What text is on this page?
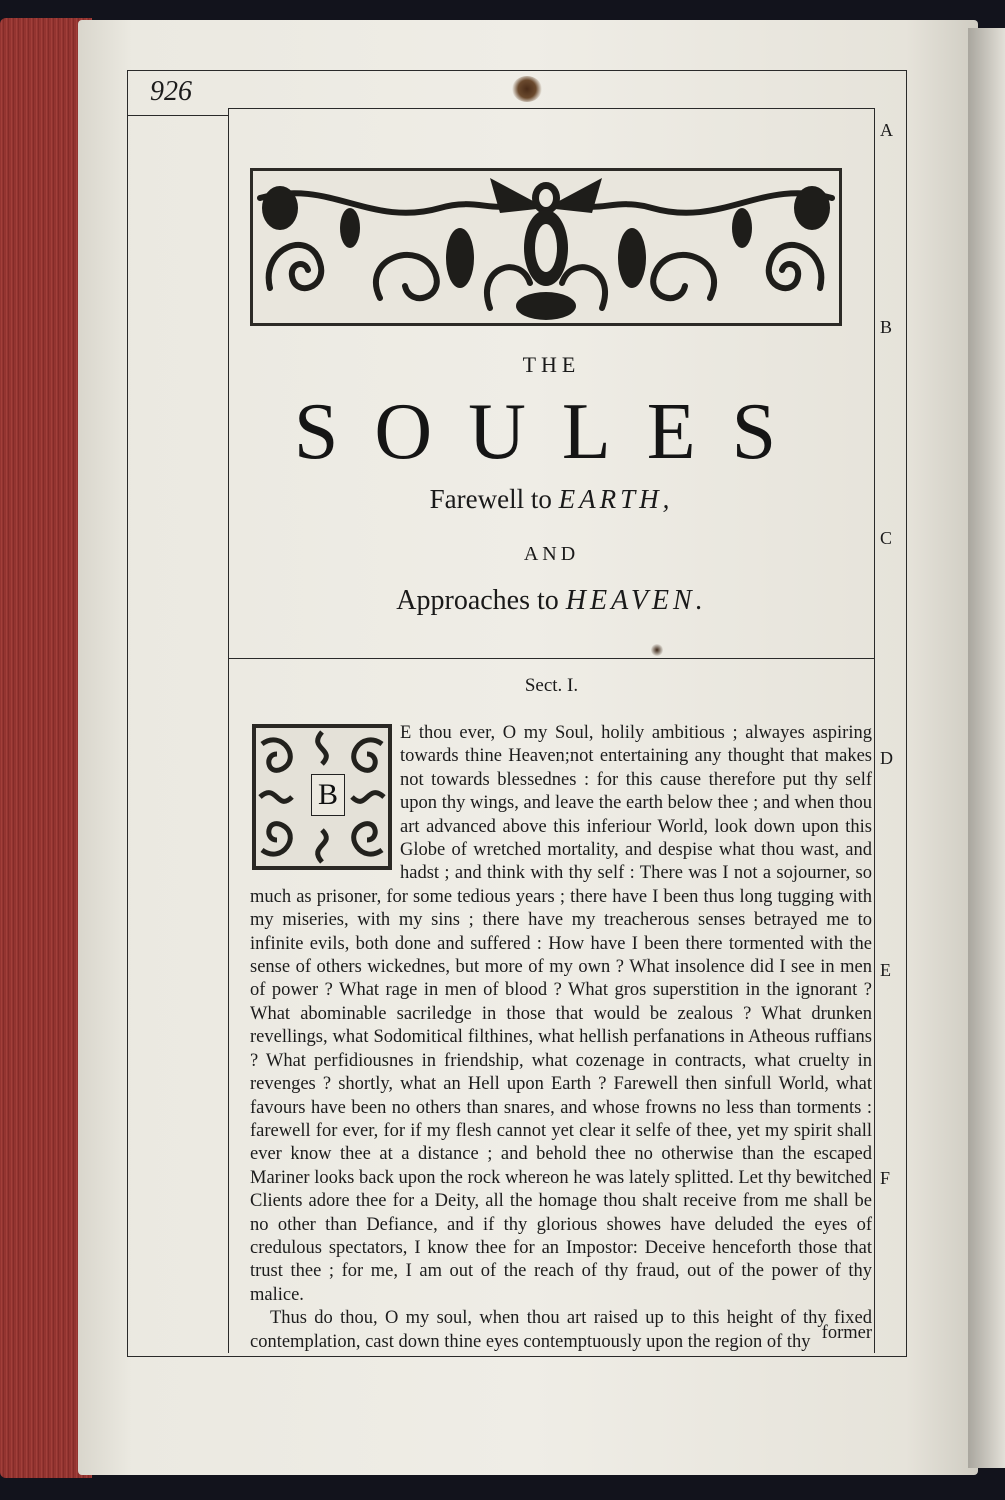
926
A
B
C
D
E
F
THE
SOULES
Farewell to EARTH,
AND
Approaches to HEAVEN.
Sect. I.
B

E thou ever, O my Soul, holily ambitious ; alwayes aspiring towards thine Heaven;not entertaining any thought that makes not towards blessednes : for this cause therefore put thy self upon thy wings, and leave the earth below thee ; and when thou art advanced above this inferiour World, look down upon this Globe of wretched mortality, and despise what thou wast, and hadst ; and think with thy self : There was I not a sojourner, so much as prisoner, for some tedious years ; there have I been thus long tugging with my miseries, with my sins ; there have my treacherous senses betrayed me to infinite evils, both done and suffered : How have I been there tormented with the sense of others wickednes, but more of my own ? What insolence did I see in men of power ? What rage in men of blood ? What gros superstition in the ignorant ? What abominable sacriledge in those that would be zealous ? What drunken revellings, what Sodomitical filthines, what hellish perfanations in Atheous ruffians ? What perfidiousnes in friendship, what cozenage in contracts, what cruelty in revenges ? shortly, what an Hell upon Earth ? Farewell then sinfull World, what favours have been no others than snares, and whose frowns no less than torments : farewell for ever, for if my flesh cannot yet clear it selfe of thee, yet my spirit shall ever know thee at a distance ; and behold thee no otherwise than the escaped Mariner looks back upon the rock whereon he was lately splitted. Let thy bewitched Clients adore thee for a Deity, all the homage thou shalt receive from me shall be no other than Defiance, and if thy glorious showes have deluded the eyes of credulous spectators, I know thee for an Impostor: Deceive henceforth those that trust thee ; for me, I am out of the reach of thy fraud, out of the power of thy malice.

Thus do thou, O my soul, when thou art raised up to this height of thy fixed contemplation, cast down thine eyes contemptuously upon the region of thy former
